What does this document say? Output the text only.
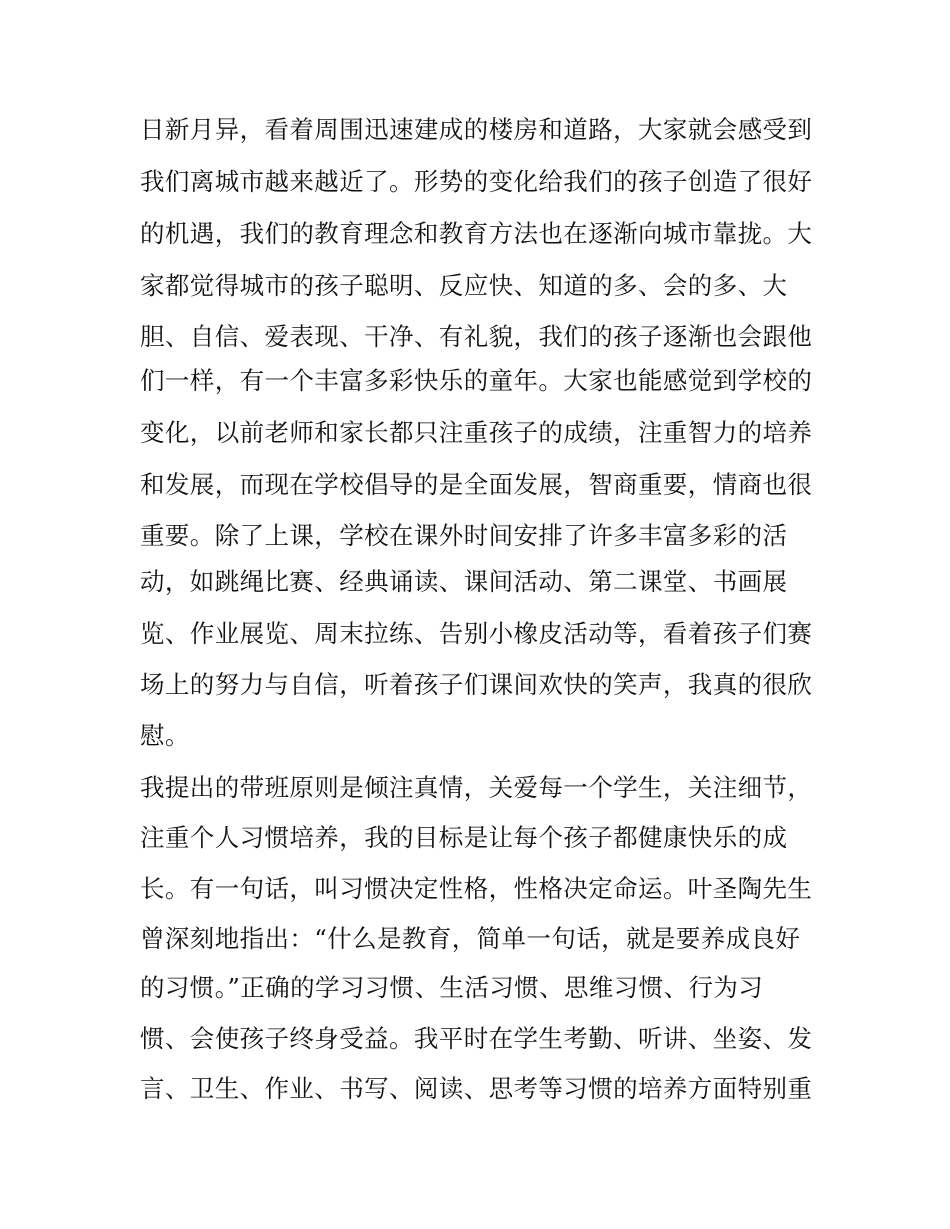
日新月异，看着周围迅速建成的楼房和道路，大家就会感受到
我们离城市越来越近了。形势的变化给我们的孩子创造了很好
的机遇，我们的教育理念和教育方法也在逐渐向城市靠拢。大
家都觉得城市的孩子聪明、反应快、知道的多、会的多、大
胆、自信、爱表现、干净、有礼貌，我们的孩子逐渐也会跟他
们一样，有一个丰富多彩快乐的童年。大家也能感觉到学校的
变化，以前老师和家长都只注重孩子的成绩，注重智力的培养
和发展，而现在学校倡导的是全面发展，智商重要，情商也很
重要。除了上课，学校在课外时间安排了许多丰富多彩的活
动，如跳绳比赛、经典诵读、课间活动、第二课堂、书画展
览、作业展览、周末拉练、告别小橡皮活动等，看着孩子们赛
场上的努力与自信，听着孩子们课间欢快的笑声，我真的很欣
慰。
我提出的带班原则是倾注真情，关爱每一个学生，关注细节，
注重个人习惯培养，我的目标是让每个孩子都健康快乐的成
长。有一句话，叫习惯决定性格，性格决定命运。叶圣陶先生
曾深刻地指出：“什么是教育，简单一句话，就是要养成良好
的习惯。”正确的学习习惯、生活习惯、思维习惯、行为习
惯、会使孩子终身受益。我平时在学生考勤、听讲、坐姿、发
言、卫生、作业、书写、阅读、思考等习惯的培养方面特别重
